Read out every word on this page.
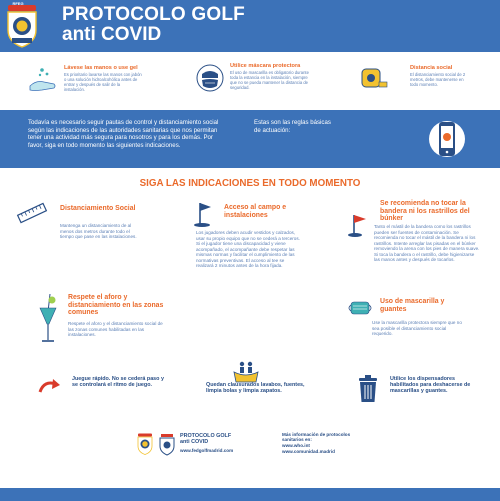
RFEG
GOLF
PROTOCOLO GOLF
anti COVID
Lávese las manos o use gel
Es prioritario lavarse las manos con jabón o una solución hidroalcohólica antes de entrar y después de salir de la instalación.
Utilice máscara protectora
El uso de mascarilla es obligatorio durante toda la estancia en la instalación, siempre que no se pueda mantener la distancia de seguridad.
Distancia social
El distanciamiento social de 2 metros, debe mantenerse en todo momento.
Todavía es necesario seguir pautas de control y distanciamiento social según las indicaciones de las autoridades sanitarias que nos permitan tener una actividad más segura para nosotros y para los demás. Por favor, siga en todo momento las siguientes indicaciones.
Estas son las reglas básicas de actuación:
SIGA LAS INDICACIONES EN TODO MOMENTO
Distanciamiento Social
Mantenga un distanciamiento de al menos dos metros durante todo el tiempo que pase en las instalaciones.
Acceso al campo e instalaciones
Los jugadores deben acudir vestidos y calzados, usar su propio equipo que no se cederá a terceros. Si el jugador tiene una discapacidad y viene acompañado, el acompañante debe respetar las mismas normas y facilitar el cumplimiento de las normativas preventivas. El acceso al tee se realizará 2 minutos antes de la hora fijada.
Se recomienda no tocar la bandera ni los rastrillos del búnker
Tanto el mástil de la bandera como los rastrillos pueden ser fuentes de contaminación. Se recomienda no tocar el mástil de la bandera ni los rastrillos. Intente arreglar las pisadas en el búnker removiendo la arena con los pies de manera suave. Si toca la bandera o el rastrillo, debe higienizarse las manos antes y después de tocarlos.
Respete el aforo y distanciamiento en las zonas comunes
Respete el aforo y el distanciamiento social de las zonas comunes habilitadas en las instalaciones.
Uso de mascarilla y guantes
Use la mascarilla protectora siempre que no sea posible el distanciamiento social requerido.
Juegue rápido. No se cederá paso y se controlará el ritmo de juego.	Quedan clausurados lavabos, fuentes, limpia bolas y limpia zapatos.
Utilice los dispensadores habilitados para deshacerse de mascarillas y guantes.
PROTOCOLO GOLF
anti COVID
www.fedgolfmadrid.com
Más información de protocolos sanitarios en:
www.who.int
www.comunidad.madrid
